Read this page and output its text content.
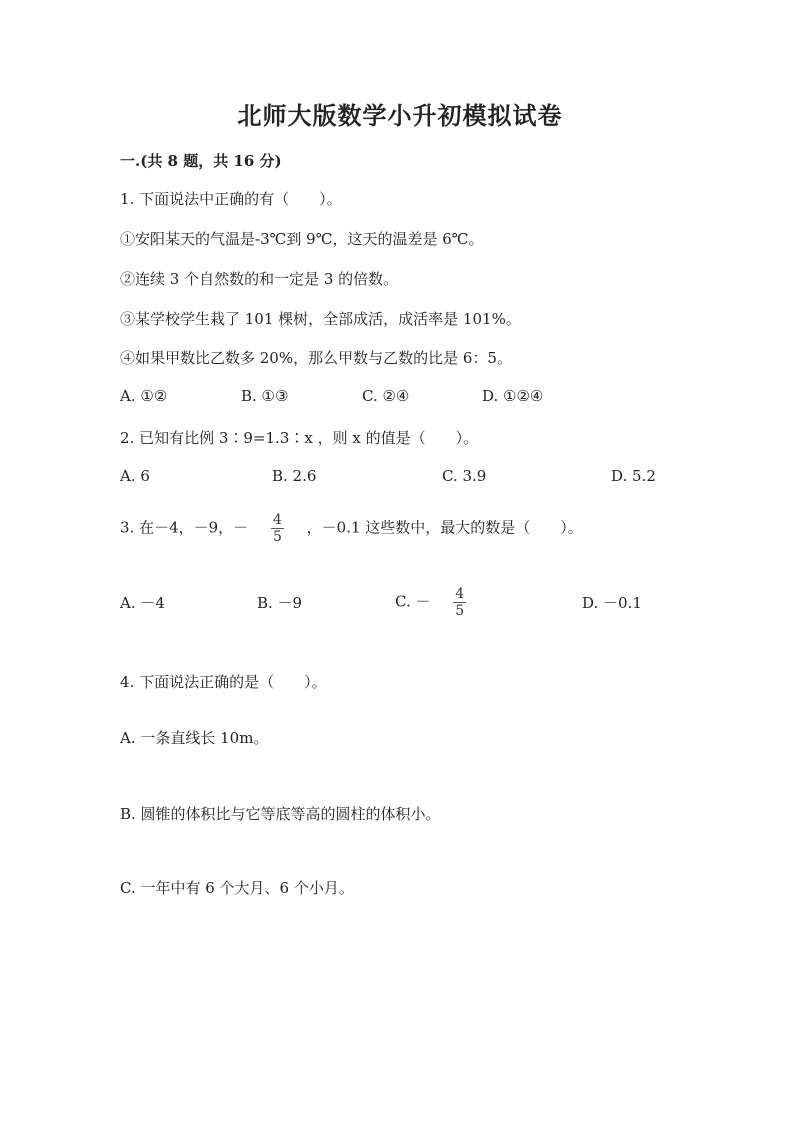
北师大版数学小升初模拟试卷
一.(共 8 题，共 16 分)
1. 下面说法中正确的有（　　）。
①安阳某天的气温是-3℃到 9℃，这天的温差是 6℃。
②连续 3 个自然数的和一定是 3 的倍数。
③某学校学生栽了 101 棵树，全部成活，成活率是 101%。
④如果甲数比乙数多 20%，那么甲数与乙数的比是 6：5。
A. ①②	B. ①③	C. ②④	D. ①②④
2. 已知有比例 3∶9=1.3∶x ，则 x 的值是（　　）。
A. 6	B. 2.6	C. 3.9	D. 5.2
3. 在－4，－9，－ $\frac{4}{5}$ ，－0.1 这些数中，最大的数是（　　）。
A. －4	B. －9	C. － $\frac{4}{5}$	D. －0.1
4. 下面说法正确的是（　　）。
A. 一条直线长 10m。
B. 圆锥的体积比与它等底等高的圆柱的体积小。
C. 一年中有 6 个大月、6 个小月。
